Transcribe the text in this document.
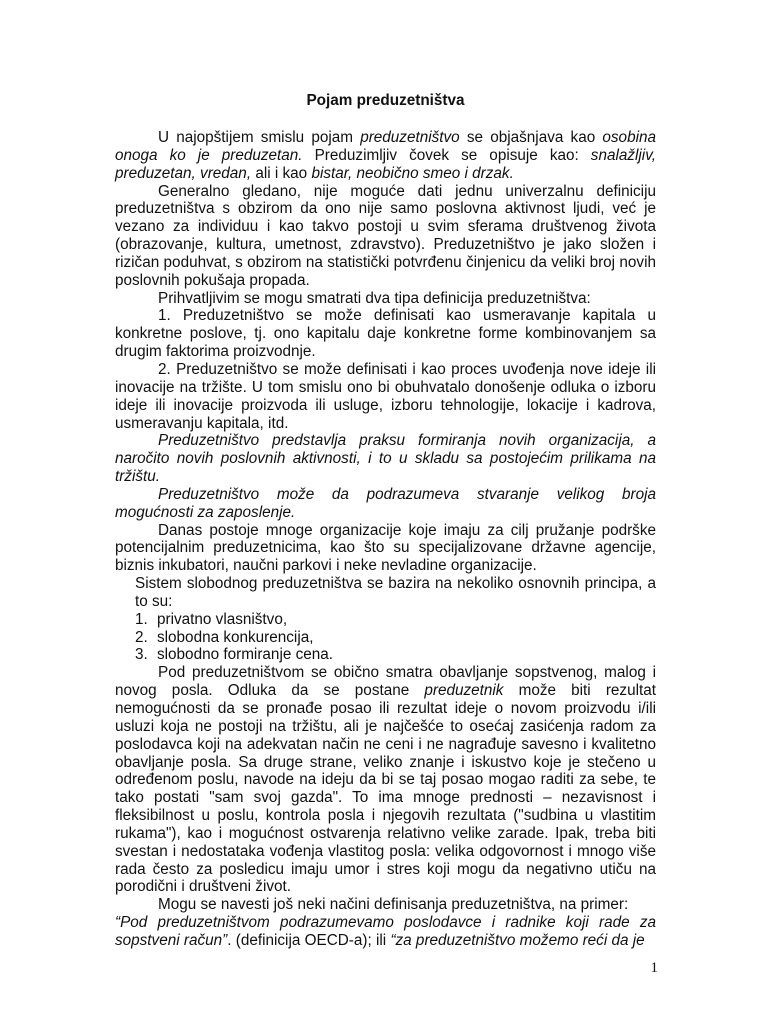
Pojam preduzetništva

U najopštijem smislu pojam preduzetništvo se objašnjava kao osobina onoga ko je preduzetan. Preduzimljiv čovek se opisuje kao: snalažljiv, preduzetan, vredan, ali i kao bistar, neobično smeo i drzak.

Generalno gledano, nije moguće dati jednu univerzalnu definiciju preduzetništva s obzirom da ono nije samo poslovna aktivnost ljudi, već je vezano za individuu i kao takvo postoji u svim sferama društvenog života (obrazovanje, kultura, umetnost, zdravstvo). Preduzetništvo je jako složen i rizičan poduhvat, s obzirom na statistički potvrđenu činjenicu da veliki broj novih poslovnih pokušaja propada.

Prihvatljivim se mogu smatrati dva tipa definicija preduzetništva:

1. Preduzetništvo se može definisati kao usmeravanje kapitala u konkretne poslove, tj. ono kapitalu daje konkretne forme kombinovanjem sa drugim faktorima proizvodnje.

2. Preduzetništvo se može definisati i kao proces uvođenja nove ideje ili inovacije na tržište. U tom smislu ono bi obuhvatalo donošenje odluka o izboru ideje ili inovacije proizvoda ili usluge, izboru tehnologije, lokacije i kadrova, usmeravanju kapitala, itd.

Preduzetništvo predstavlja praksu formiranja novih organizacija, a naročito novih poslovnih aktivnosti, i to u skladu sa postojećim prilikama na tržištu.

Preduzetništvo može da podrazumeva stvaranje velikog broja mogućnosti za zaposlenje.

Danas postoje mnoge organizacije koje imaju za cilj pružanje podrške potencijalnim preduzetnicima, kao što su specijalizovane državne agencije, biznis inkubatori, naučni parkovi i neke nevladine organizacije.

Sistem slobodnog preduzetništva se bazira na nekoliko osnovnih principa, a to su:

1. privatno vlasništvo,
2. slobodna konkurencija,
3. slobodno formiranje cena.

Pod preduzetništvom se obično smatra obavljanje sopstvenog, malog i novog posla. Odluka da se postane preduzetnik može biti rezultat nemogućnosti da se pronađe posao ili rezultat ideje o novom proizvodu i/ili usluzi koja ne postoji na tržištu, ali je najčešće to osećaj zasićenja radom za poslodavca koji na adekvatan način ne ceni i ne nagrađuje savesno i kvalitetno obavljanje posla. Sa druge strane, veliko znanje i iskustvo koje je stečeno u određenom poslu, navode na ideju da bi se taj posao mogao raditi za sebe, te tako postati "sam svoj gazda". To ima mnoge prednosti – nezavisnost i fleksibilnost u poslu, kontrola posla i njegovih rezultata ("sudbina u vlastitim rukama"), kao i mogućnost ostvarenja relativno velike zarade. Ipak, treba biti svestan i nedostataka vođenja vlastitog posla: velika odgovornost i mnogo više rada često za posledicu imaju umor i stres koji mogu da negativno utiču na porodični i društveni život.

Mogu se navesti još neki načini definisanja preduzetništva, na primer:

“Pod preduzetništvom podrazumevamo poslodavce i radnike koji rade za sopstveni račun”. (definicija OECD-a); ili “za preduzetništvo možemo reći da je

1
